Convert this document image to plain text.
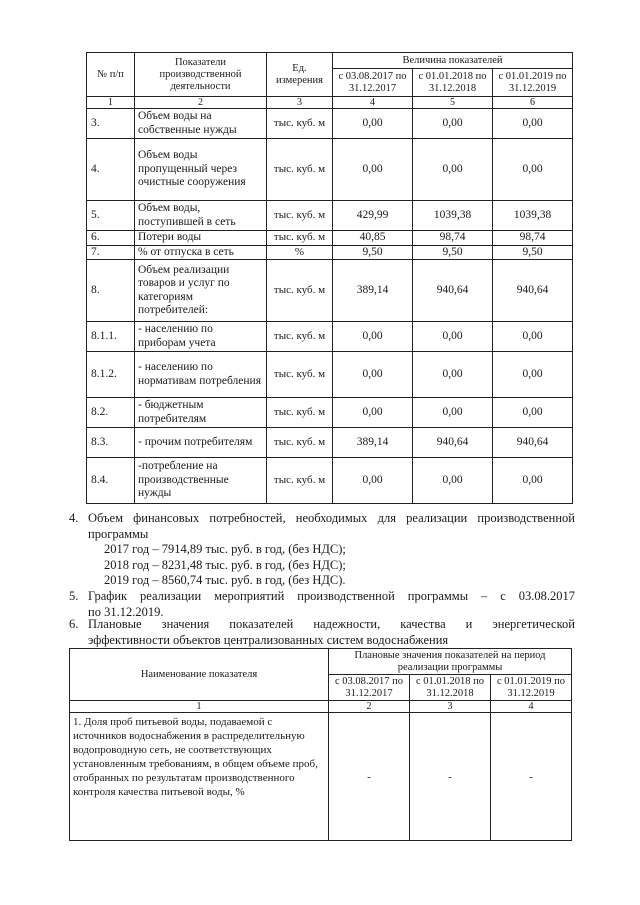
№ п/п	Показатели производственной деятельности	Ед. измерения	Величина показателей		
			с 03.08.2017 по 31.12.2017	с 01.01.2018 по 31.12.2018	с 01.01.2019 по 31.12.2019
1	2	3	4	5	6
3.	Объем воды на собственные нужды	тыс. куб. м	0,00	0,00	0,00
4.	Объем воды пропущенный через очистные сооружения	тыс. куб. м	0,00	0,00	0,00
5.	Объем воды, поступившей в сеть	тыс. куб. м	429,99	1039,38	1039,38
6.	Потери воды	тыс. куб. м	40,85	98,74	98,74
7.	% от отпуска в сеть	%	9,50	9,50	9,50
8.	Объем реализации товаров и услуг по категориям потребителей:	тыс. куб. м	389,14	940,64	940,64
8.1.1.	- населению по приборам учета	тыс. куб. м	0,00	0,00	0,00
8.1.2.	- населению по нормативам потребления	тыс. куб. м	0,00	0,00	0,00
8.2.	- бюджетным потребителям	тыс. куб. м	0,00	0,00	0,00
8.3.	- прочим потребителям	тыс. куб. м	389,14	940,64	940,64
8.4.	-потребление на производственные нужды	тыс. куб. м	0,00	0,00	0,00
4. Объем финансовых потребностей, необходимых для реализации производственной
программы
2017 год – 7914,89 тыс. руб. в год, (без НДС);
2018 год – 8231,48 тыс. руб. в год, (без НДС);
2019 год – 8560,74 тыс. руб. в год, (без НДС).
5. График реализации мероприятий производственной программы – с 03.08.2017
по 31.12.2019.
6. Плановые значения показателей надежности, качества и энергетической
эффективности объектов централизованных систем водоснабжения
Наименование показателя	Плановые значения показателей на период реализации программы		
	с 03.08.2017 по 31.12.2017	с 01.01.2018 по 31.12.2018	с 01.01.2019 по 31.12.2019
1	2	3	4
1. Доля проб питьевой воды, подаваемой с источников водоснабжения в распределительную водопроводную сеть, не соответствующих установленным требованиям, в общем объеме проб, отобранных по результатам производственного контроля качества питьевой воды, %	-	-	-
